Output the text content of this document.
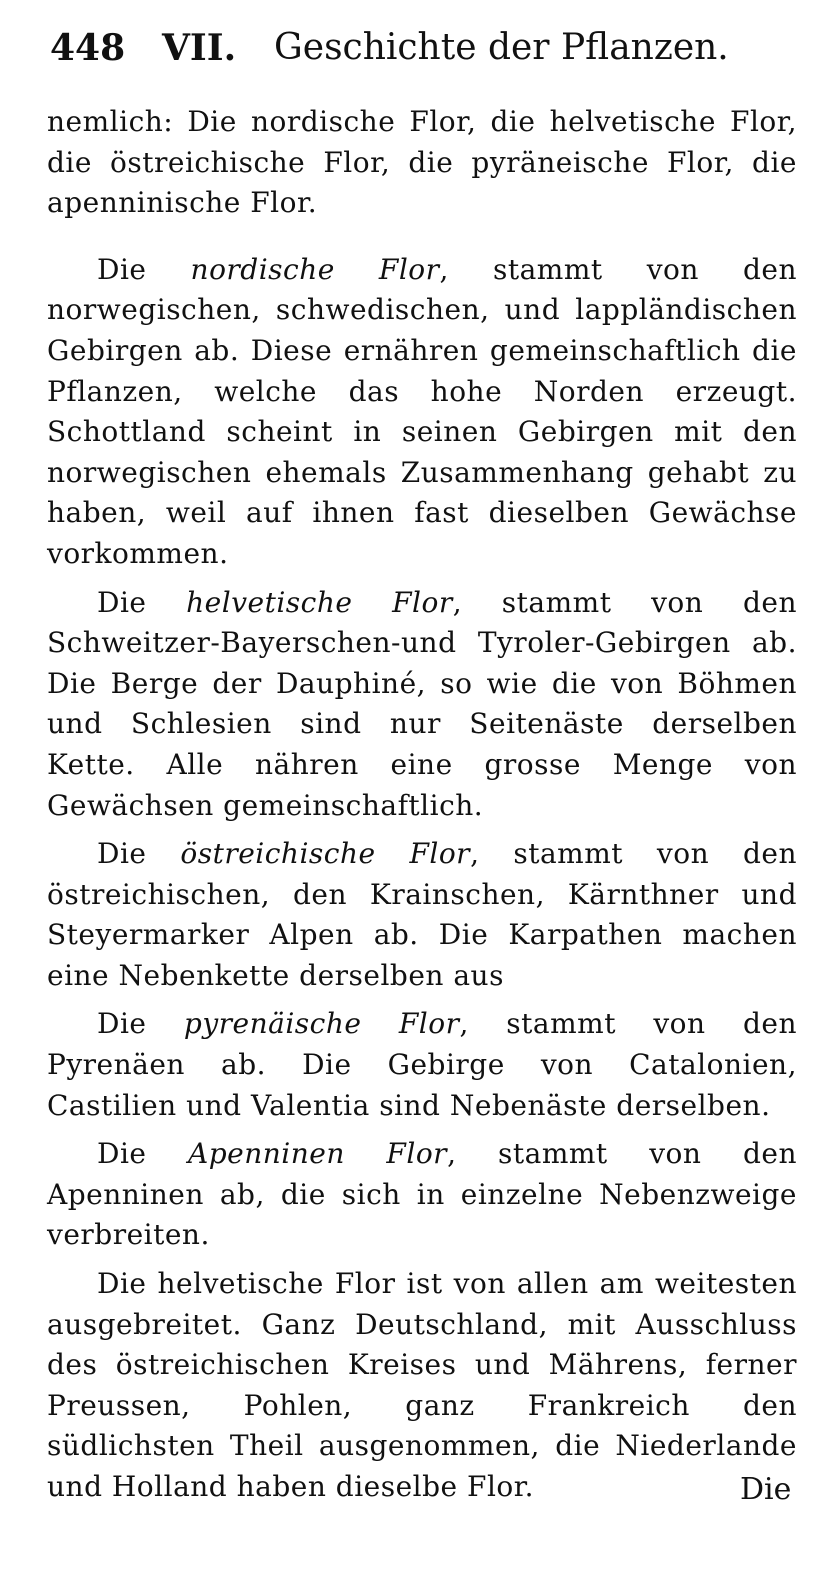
448 VII. Geschichte der Pflanzen.

nemlich: Die nordische Flor, die helvetische Flor, die östreichische Flor, die pyräneische Flor, die apenninische Flor.

Die nordische Flor, stammt von den norwegischen, schwedischen, und lappländischen Gebirgen ab. Diese ernähren gemeinschaftlich die Pflanzen, welche das hohe Norden erzeugt. Schottland scheint in seinen Gebirgen mit den norwegischen ehemals Zusammenhang gehabt zu haben, weil auf ihnen fast dieselben Gewächse vorkommen.

Die helvetische Flor, stammt von den Schweitzer-Bayerschen-und Tyroler-Gebirgen ab. Die Berge der Dauphiné, so wie die von Böhmen und Schlesien sind nur Seitenäste derselben Kette. Alle nähren eine grosse Menge von Gewächsen gemeinschaftlich.

Die östreichische Flor, stammt von den östreichischen, den Krainschen, Kärnthner und Steyermarker Alpen ab. Die Karpathen machen eine Nebenkette derselben aus

Die pyrenäische Flor, stammt von den Pyrenäen ab. Die Gebirge von Catalonien, Castilien und Valentia sind Nebenäste derselben.

Die Apenninen Flor, stammt von den Apenninen ab, die sich in einzelne Nebenzweige verbreiten.

Die helvetische Flor ist von allen am weitesten ausgebreitet. Ganz Deutschland, mit Ausschluss des östreichischen Kreises und Mährens, ferner Preussen, Pohlen, ganz Frankreich den südlichsten Theil ausgenommen, die Niederlande und Holland haben dieselbe Flor.	Die
